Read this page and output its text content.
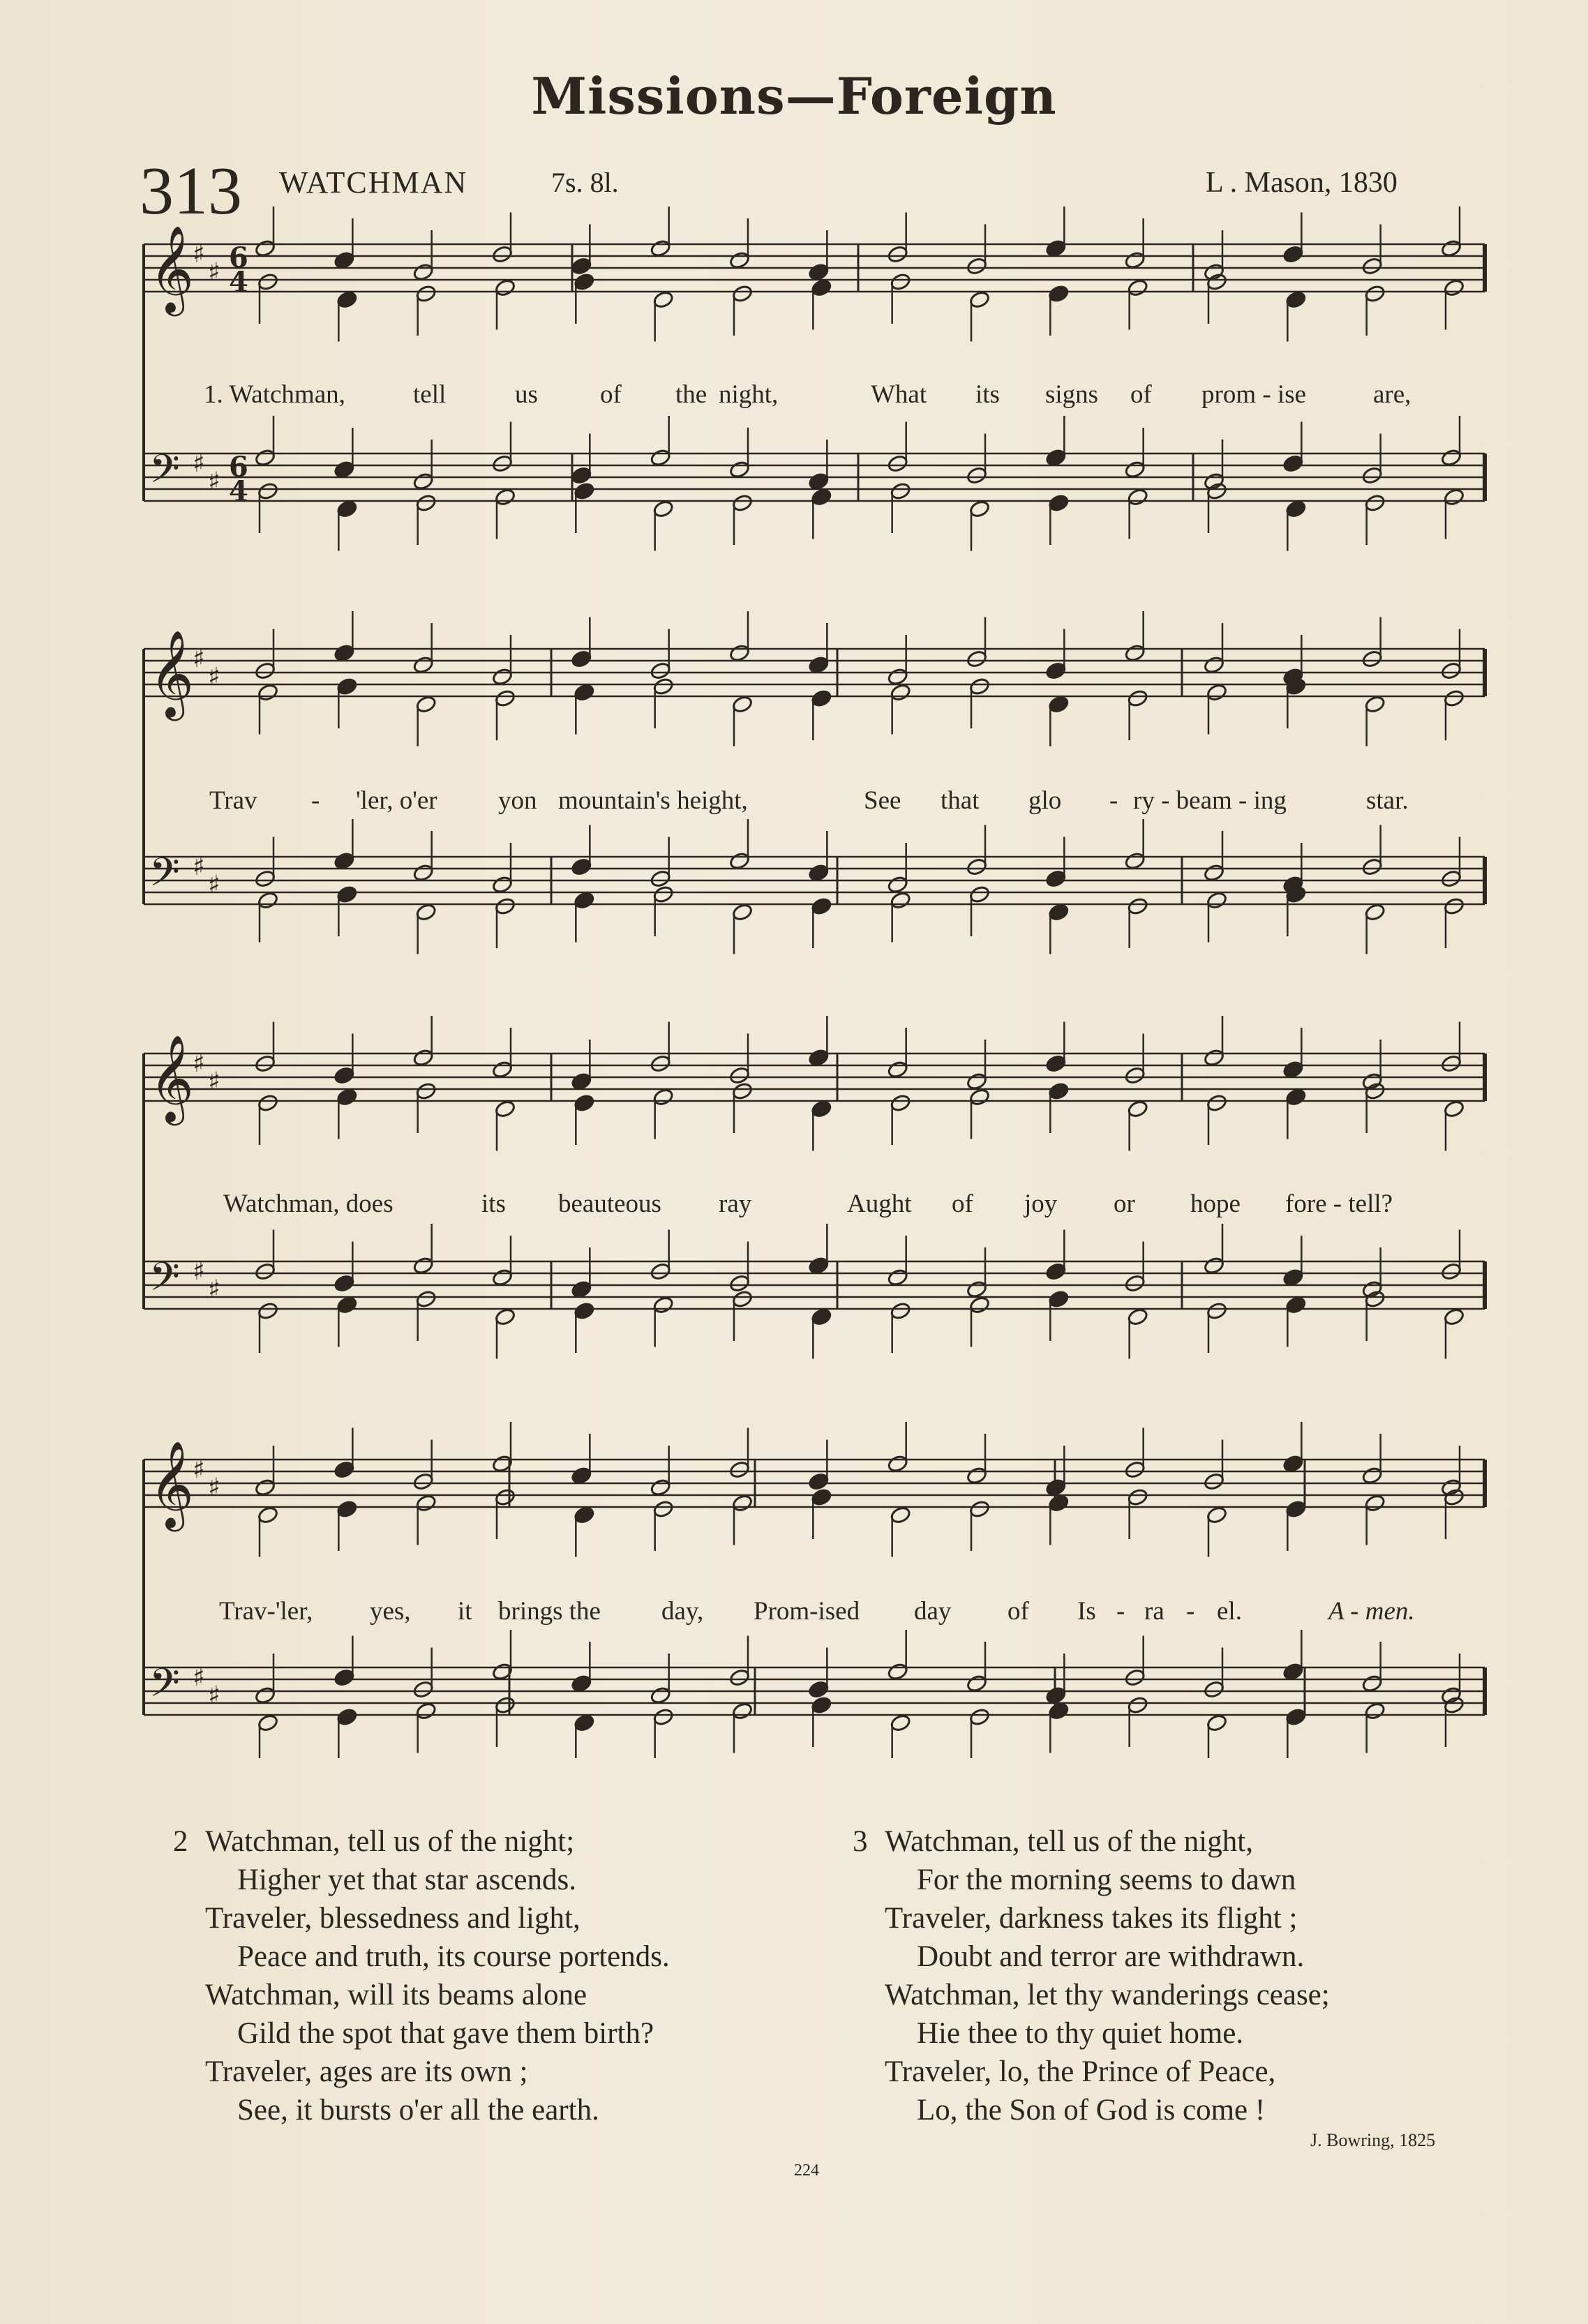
Missions—Foreign
313 WATCHMAN	7s. 8l.	L . Mason, 1830
𝄞
♯
♯ 6
4
𝄢 ♯
♯ 6
4
𝄞
♯
♯
𝄢 ♯
♯
𝄞
♯
♯
𝄢 ♯
♯
𝄞
♯
♯
𝄢 ♯
♯
1. Watchman,	tell	us of the night,	What its signs of prom - ise	are,
Trav - 'ler, o'er yon mountain's height,	See that glo - ry - beam - ing	star.
Watchman, does	its beauteous ray	Aught of joy or hope fore - tell?
Trav-'ler, yes, it brings the day, Prom-ised day of Is - ra - el.	A - men.
2 Watchman, tell us of the night;
Higher yet that star ascends.
Traveler, blessedness and light,
Peace and truth, its course portends.
Watchman, will its beams alone
Gild the spot that gave them birth?
Traveler, ages are its own ;
See, it bursts o'er all the earth.
3 Watchman, tell us of the night,
For the morning seems to dawn
Traveler, darkness takes its flight ;
Doubt and terror are withdrawn.
Watchman, let thy wanderings cease;
Hie thee to thy quiet home.
Traveler, lo, the Prince of Peace,
Lo, the Son of God is come !
J. Bowring, 1825
224
